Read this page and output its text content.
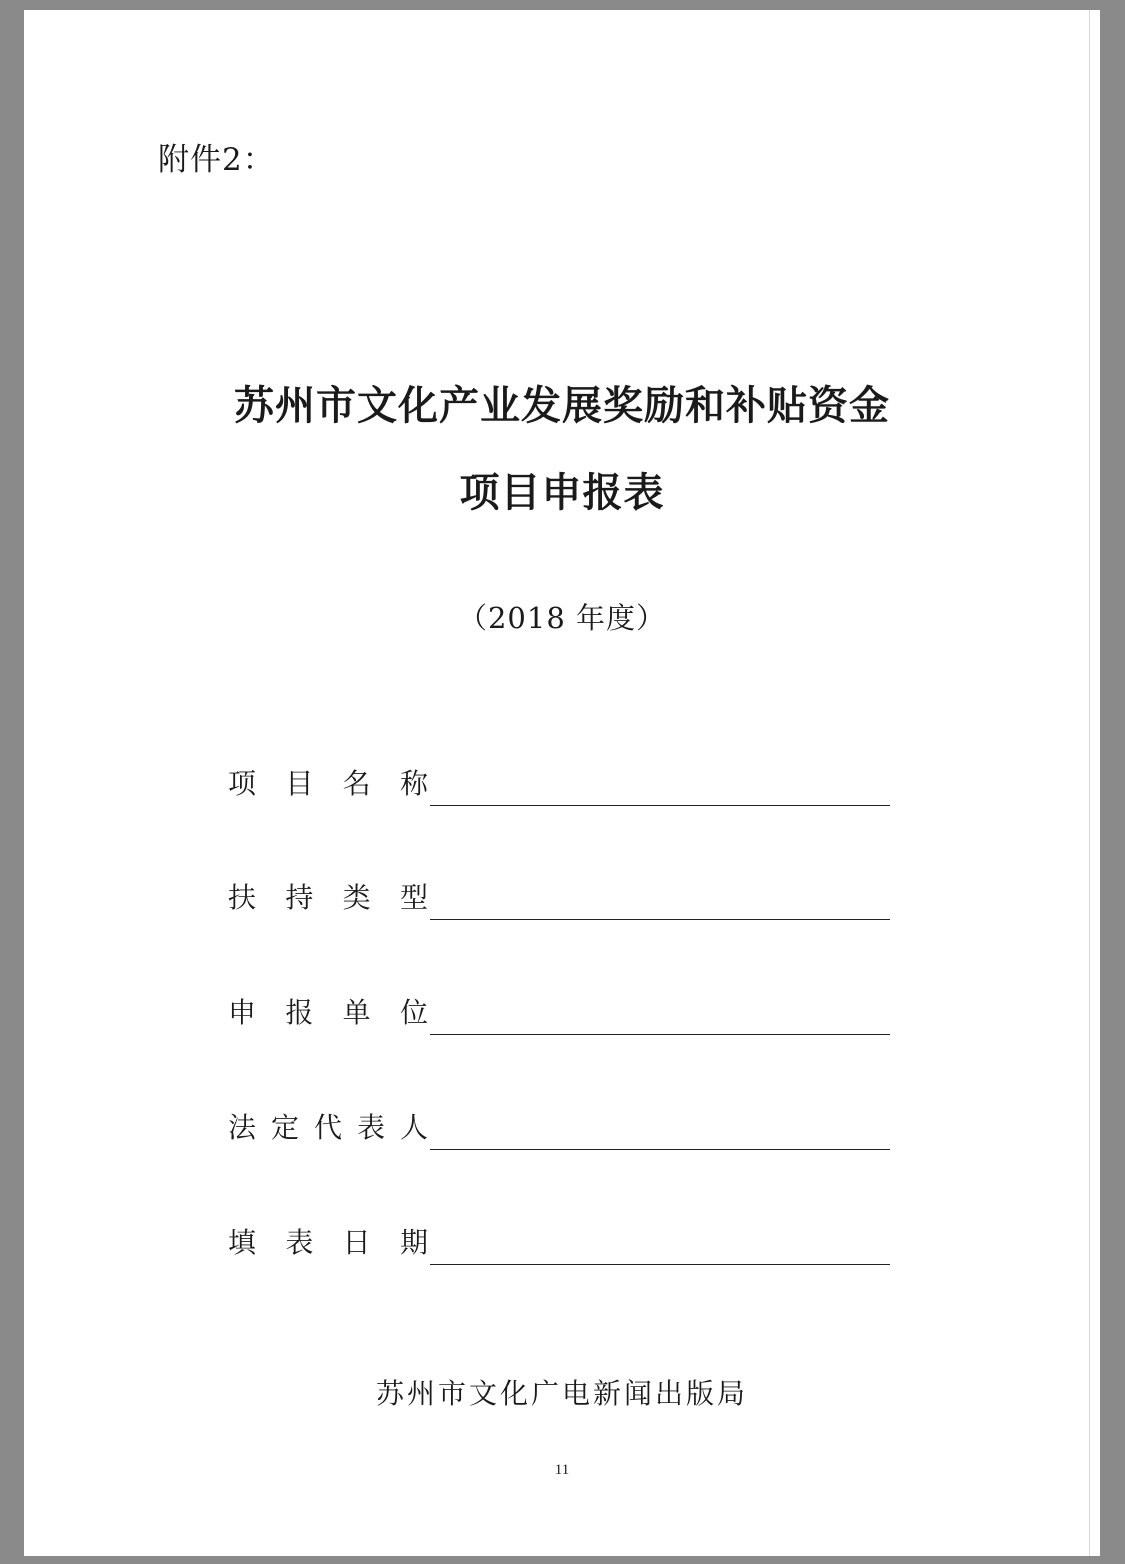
附件2：
苏州市文化产业发展奖励和补贴资金
项目申报表
（2018 年度）
项 目 名 称
扶 持 类 型
申 报 单 位
法 定 代 表 人
填 表 日 期
苏州市文化广电新闻出版局
11
